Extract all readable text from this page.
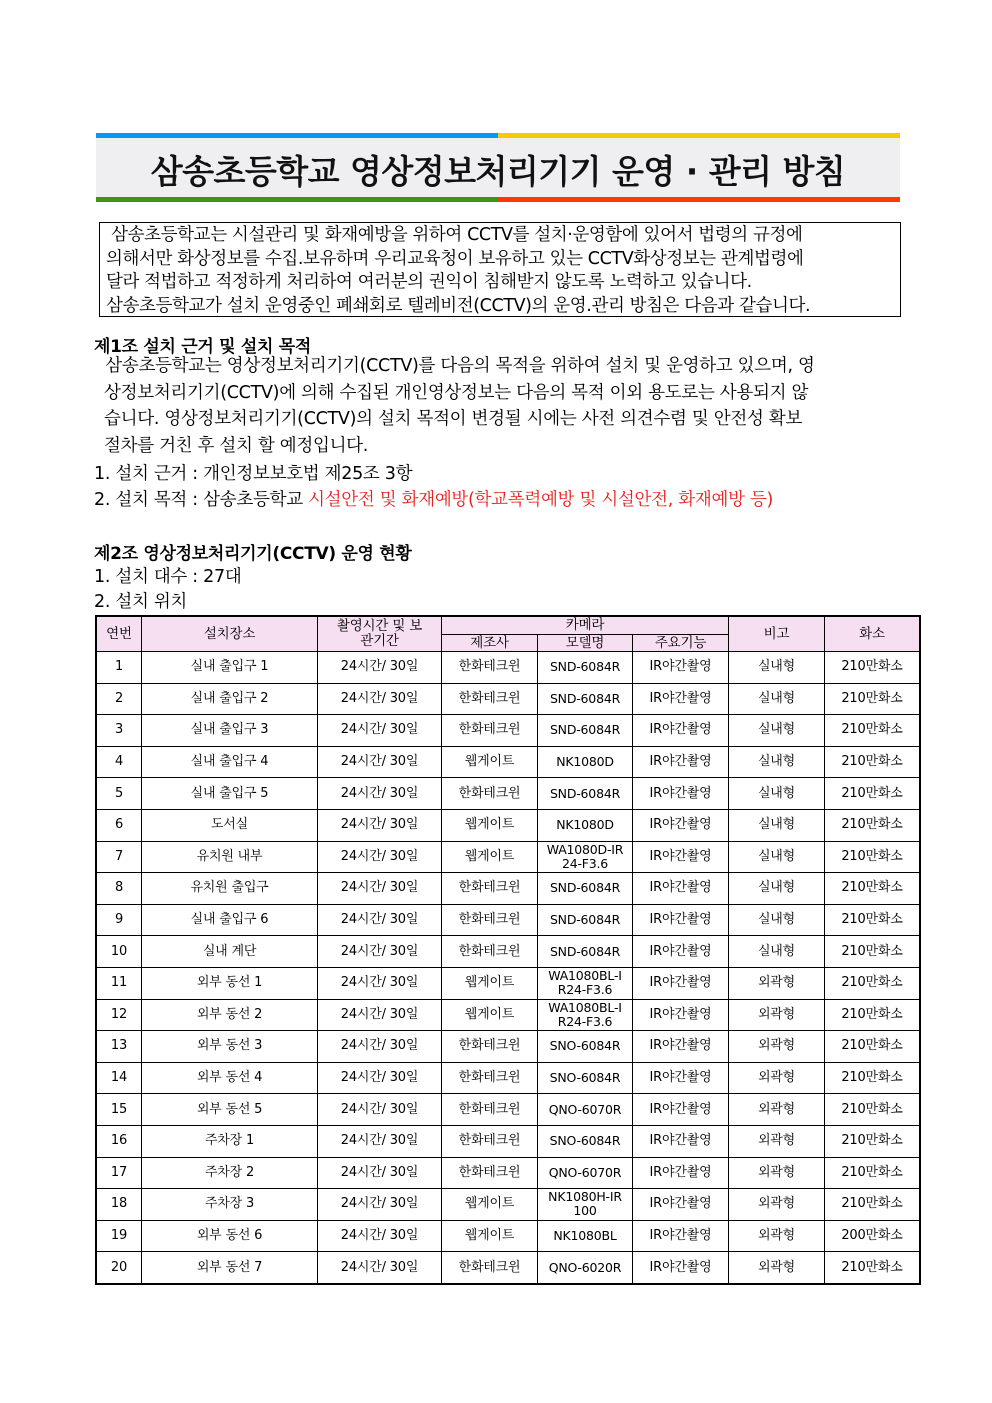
삼송초등학교 영상정보처리기기 운영 · 관리 방침

삼송초등학교는 시설관리 및 화재예방을 위하여 CCTV를 설치·운영함에 있어서 법령의 규정에

의해서만 화상정보를 수집.보유하며 우리교육청이 보유하고 있는 CCTV화상정보는 관계법령에

달라 적법하고 적정하게 처리하여 여러분의 권익이 침해받지 않도록 노력하고 있습니다.

삼송초등학교가 설치 운영중인 폐쇄회로 텔레비전(CCTV)의 운영.관리 방침은 다음과 같습니다.

제1조 설치 근거 및 설치 목적

삼송초등학교는 영상정보처리기기(CCTV)를 다음의 목적을 위하여 설치 및 운영하고 있으며, 영

상정보처리기기(CCTV)에 의해 수집된 개인영상정보는 다음의 목적 이외 용도로는 사용되지 않

습니다. 영상정보처리기기(CCTV)의 설치 목적이 변경될 시에는 사전 의견수렴 및 안전성 확보

절차를 거친 후 설치 할 예정입니다.

1. 설치 근거 : 개인정보보호법 제25조 3항
2. 설치 목적 : 삼송초등학교 시설안전 및 화재예방(학교폭력예방 및 시설안전, 화재예방 등)
제2조 영상정보처리기기(CCTV) 운영 현황
1. 설치 대수 : 27대
2. 설치 위치
연번	설치장소	촬영시간 및 보관기간	카메라			비고	화소
			제조사	모델명	주요기능		
1	실내 출입구 1	24시간/ 30일	한화테크윈	SND-6084R	IR야간촬영	실내형	210만화소
2	실내 출입구 2	24시간/ 30일	한화테크윈	SND-6084R	IR야간촬영	실내형	210만화소
3	실내 출입구 3	24시간/ 30일	한화테크윈	SND-6084R	IR야간촬영	실내형	210만화소
4	실내 출입구 4	24시간/ 30일	웹게이트	NK1080D	IR야간촬영	실내형	210만화소
5	실내 출입구 5	24시간/ 30일	한화테크윈	SND-6084R	IR야간촬영	실내형	210만화소
6	도서실	24시간/ 30일	웹게이트	NK1080D	IR야간촬영	실내형	210만화소
7	유치원 내부	24시간/ 30일	웹게이트	WA1080D-IR
24-F3.6	IR야간촬영	실내형	210만화소
8	유치원 출입구	24시간/ 30일	한화테크윈	SND-6084R	IR야간촬영	실내형	210만화소
9	실내 출입구 6	24시간/ 30일	한화테크윈	SND-6084R	IR야간촬영	실내형	210만화소
10	실내 계단	24시간/ 30일	한화테크윈	SND-6084R	IR야간촬영	실내형	210만화소
11	외부 동선 1	24시간/ 30일	웹게이트	WA1080BL-I
R24-F3.6	IR야간촬영	외곽형	210만화소
12	외부 동선 2	24시간/ 30일	웹게이트	WA1080BL-I
R24-F3.6	IR야간촬영	외곽형	210만화소
13	외부 동선 3	24시간/ 30일	한화테크윈	SNO-6084R	IR야간촬영	외곽형	210만화소
14	외부 동선 4	24시간/ 30일	한화테크윈	SNO-6084R	IR야간촬영	외곽형	210만화소
15	외부 동선 5	24시간/ 30일	한화테크윈	QNO-6070R	IR야간촬영	외곽형	210만화소
16	주차장 1	24시간/ 30일	한화테크윈	SNO-6084R	IR야간촬영	외곽형	210만화소
17	주차장 2	24시간/ 30일	한화테크윈	QNO-6070R	IR야간촬영	외곽형	210만화소
18	주차장 3	24시간/ 30일	웹게이트	NK1080H-IR
100	IR야간촬영	외곽형	210만화소
19	외부 동선 6	24시간/ 30일	웹게이트	NK1080BL	IR야간촬영	외곽형	200만화소
20	외부 동선 7	24시간/ 30일	한화테크윈	QNO-6020R	IR야간촬영	외곽형	210만화소
